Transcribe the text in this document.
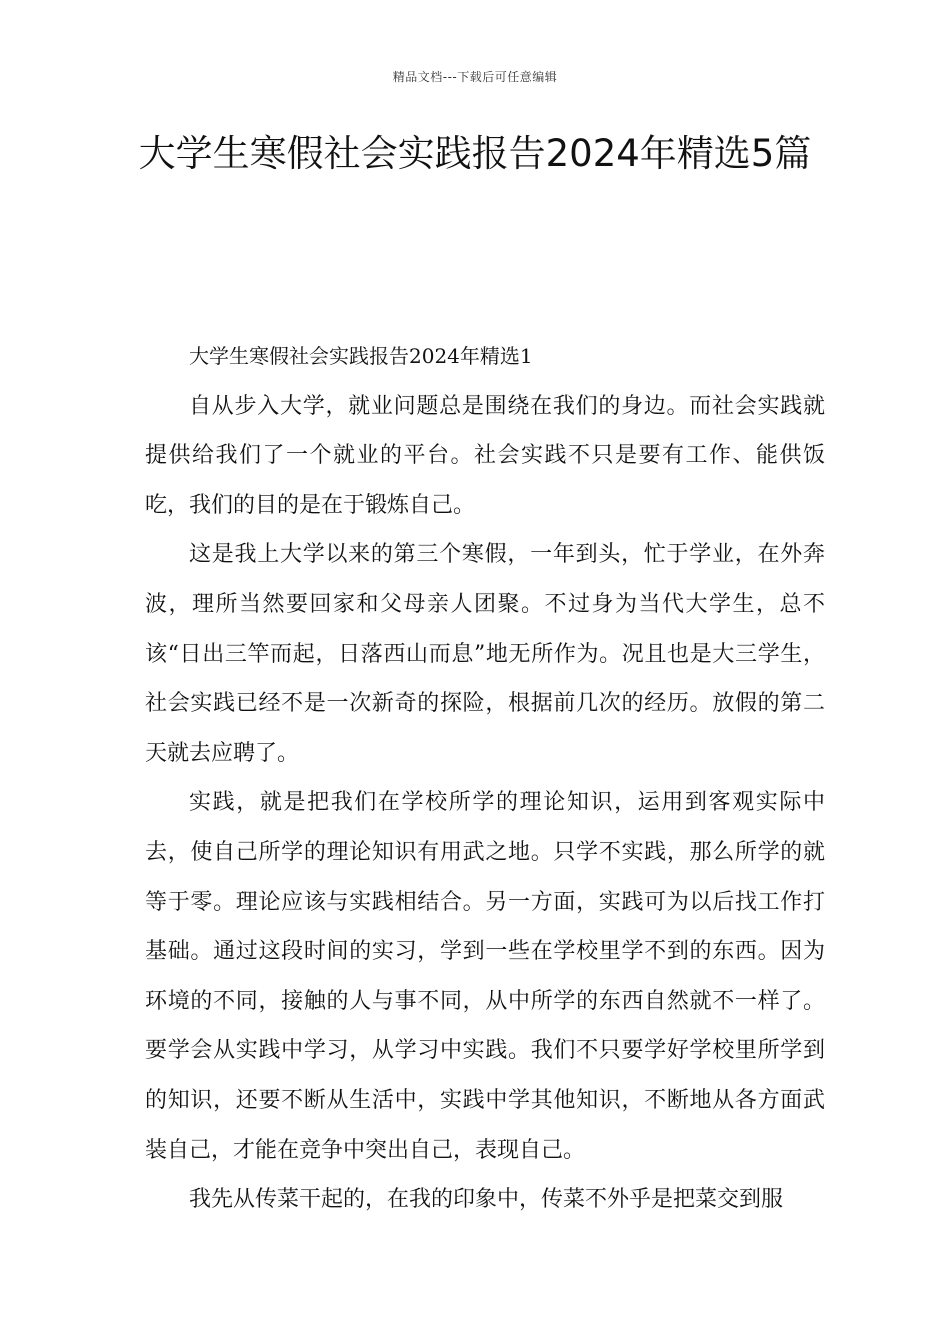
精品文档---下载后可任意编辑
大学生寒假社会实践报告2024年精选5篇

大学生寒假社会实践报告2024年精选1

自从步入大学，就业问题总是围绕在我们的身边。而社会实践就提供给我们了一个就业的平台。社会实践不只是要有工作、能供饭吃，我们的目的是在于锻炼自己。

这是我上大学以来的第三个寒假，一年到头，忙于学业，在外奔波，理所当然要回家和父母亲人团聚。不过身为当代大学生，总不该“日出三竿而起，日落西山而息”地无所作为。况且也是大三学生，社会实践已经不是一次新奇的探险，根据前几次的经历。放假的第二天就去应聘了。

实践，就是把我们在学校所学的理论知识，运用到客观实际中去，使自己所学的理论知识有用武之地。只学不实践，那么所学的就等于零。理论应该与实践相结合。另一方面，实践可为以后找工作打基础。通过这段时间的实习，学到一些在学校里学不到的东西。因为环境的不同，接触的人与事不同，从中所学的东西自然就不一样了。要学会从实践中学习，从学习中实践。我们不只要学好学校里所学到的知识，还要不断从生活中，实践中学其他知识，不断地从各方面武装自己，才能在竞争中突出自己，表现自己。

我先从传菜干起的，在我的印象中，传菜不外乎是把菜交到服
